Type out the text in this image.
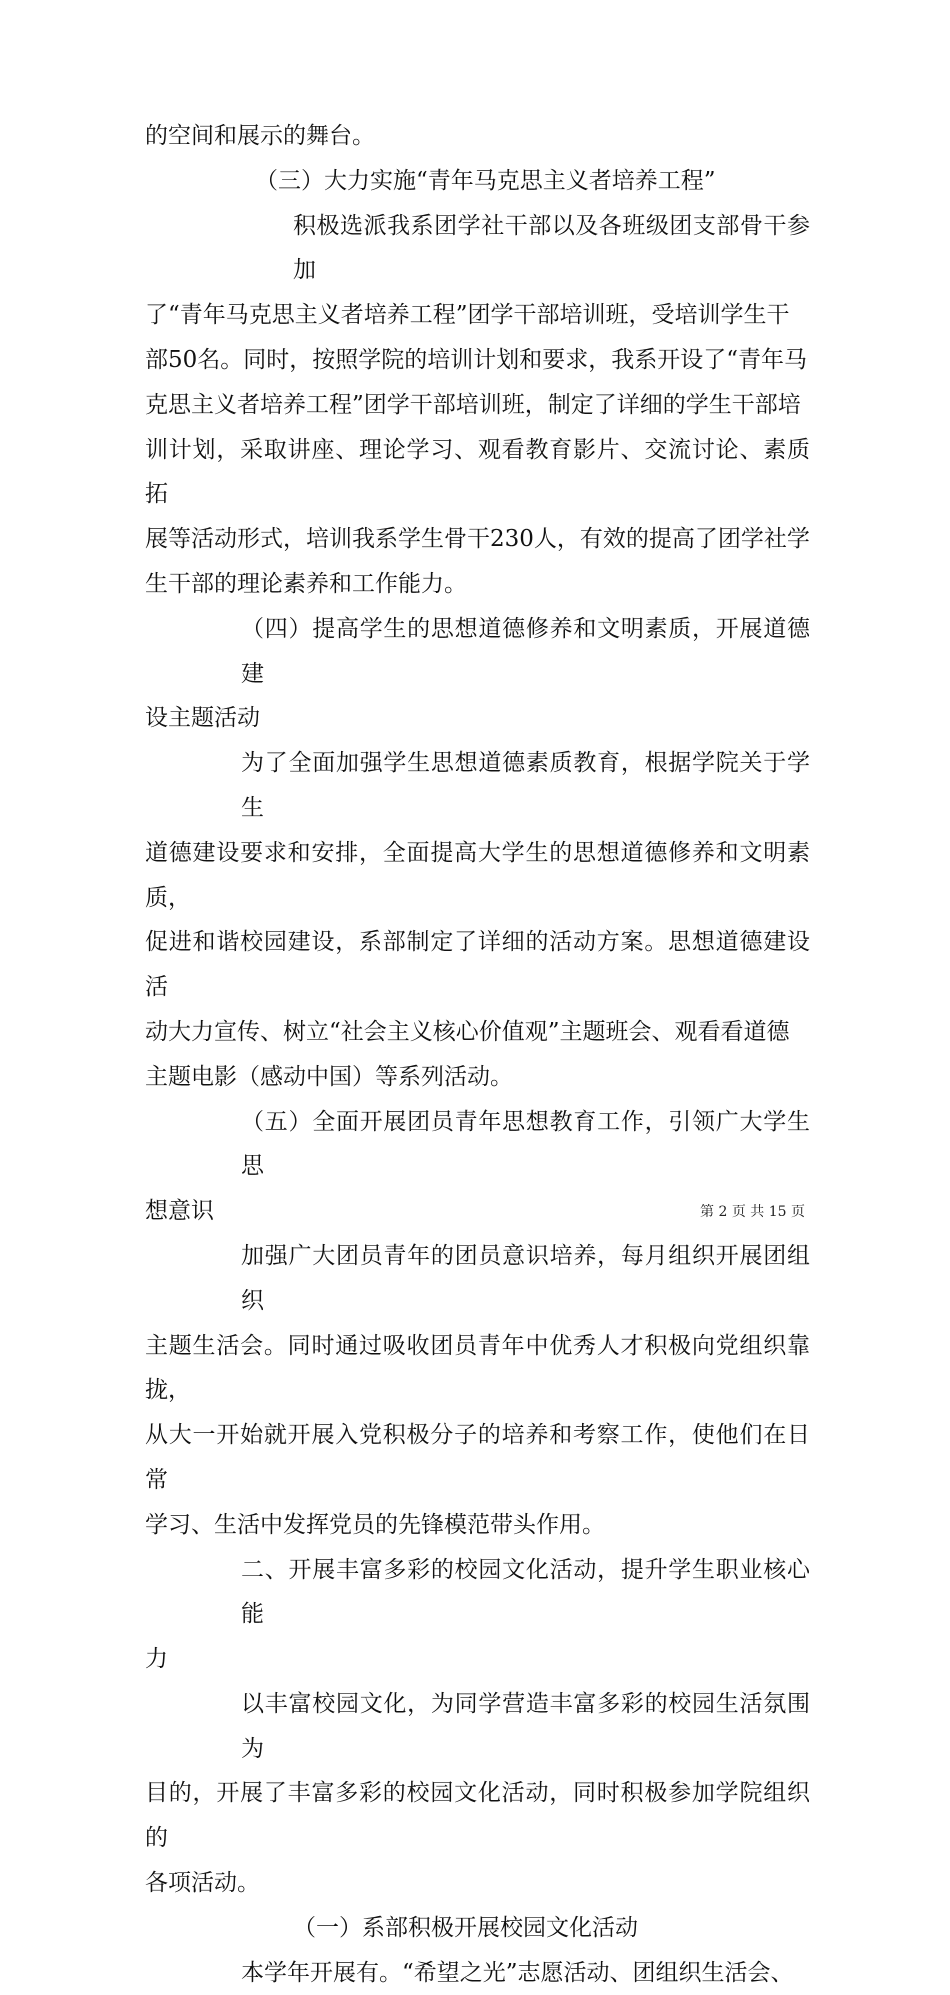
的空间和展示的舞台。

（三）大力实施“青年马克思主义者培养工程”

积极选派我系团学社干部以及各班级团支部骨干参加

了“青年马克思主义者培养工程”团学干部培训班，受培训学生干

部50名。同时，按照学院的培训计划和要求，我系开设了“青年马

克思主义者培养工程”团学干部培训班，制定了详细的学生干部培

训计划，采取讲座、理论学习、观看教育影片、交流讨论、素质拓

展等活动形式，培训我系学生骨干230人，有效的提高了团学社学

生干部的理论素养和工作能力。

（四）提高学生的思想道德修养和文明素质，开展道德建

设主题活动

为了全面加强学生思想道德素质教育，根据学院关于学生

道德建设要求和安排，全面提高大学生的思想道德修养和文明素质，

促进和谐校园建设，系部制定了详细的活动方案。思想道德建设活

动大力宣传、树立“社会主义核心价值观”主题班会、观看看道德

主题电影（感动中国）等系列活动。

（五）全面开展团员青年思想教育工作，引领广大学生思

想意识

加强广大团员青年的团员意识培养，每月组织开展团组织

主题生活会。同时通过吸收团员青年中优秀人才积极向党组织靠拢，

从大一开始就开展入党积极分子的培养和考察工作，使他们在日常

学习、生活中发挥党员的先锋模范带头作用。

二、开展丰富多彩的校园文化活动，提升学生职业核心能

力

以丰富校园文化，为同学营造丰富多彩的校园生活氛围为

目的，开展了丰富多彩的校园文化活动，同时积极参加学院组织的

各项活动。

（一）系部积极开展校园文化活动

本学年开展有。“希望之光”志愿活动、团组织生活会、

第 2 页 共 15 页
